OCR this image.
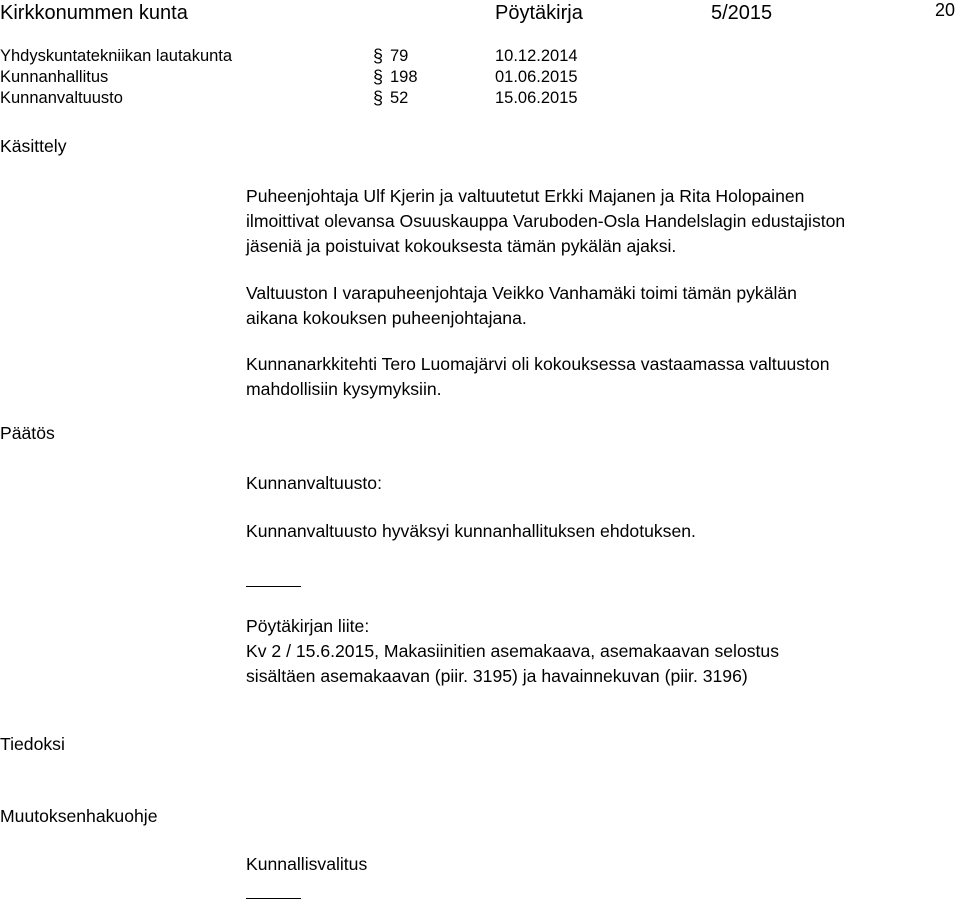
Kirkkonummen kunta	Pöytäkirja	5/2015	20
Yhdyskuntatekniikan lautakunta	§ 79	10.12.2014
Kunnanhallitus	§ 198	01.06.2015
Kunnanvaltuusto	§ 52	15.06.2015
Käsittely
Puheenjohtaja Ulf Kjerin ja valtuutetut Erkki Majanen ja Rita Holopainen
ilmoittivat olevansa Osuuskauppa Varuboden-Osla Handelslagin edustajiston
jäseniä ja poistuivat kokouksesta tämän pykälän ajaksi.
Valtuuston I varapuheenjohtaja Veikko Vanhamäki toimi tämän pykälän
aikana kokouksen puheenjohtajana.
Kunnanarkkitehti Tero Luomajärvi oli kokouksessa vastaamassa valtuuston
mahdollisiin kysymyksiin.
Päätös
Kunnanvaltuusto:
Kunnanvaltuusto hyväksyi kunnanhallituksen ehdotuksen.
Pöytäkirjan liite:
Kv 2 / 15.6.2015, Makasiinitien asemakaava, asemakaavan selostus
sisältäen asemakaavan (piir. 3195) ja havainnekuvan (piir. 3196)
Tiedoksi
Muutoksenhakuohje
Kunnallisvalitus
